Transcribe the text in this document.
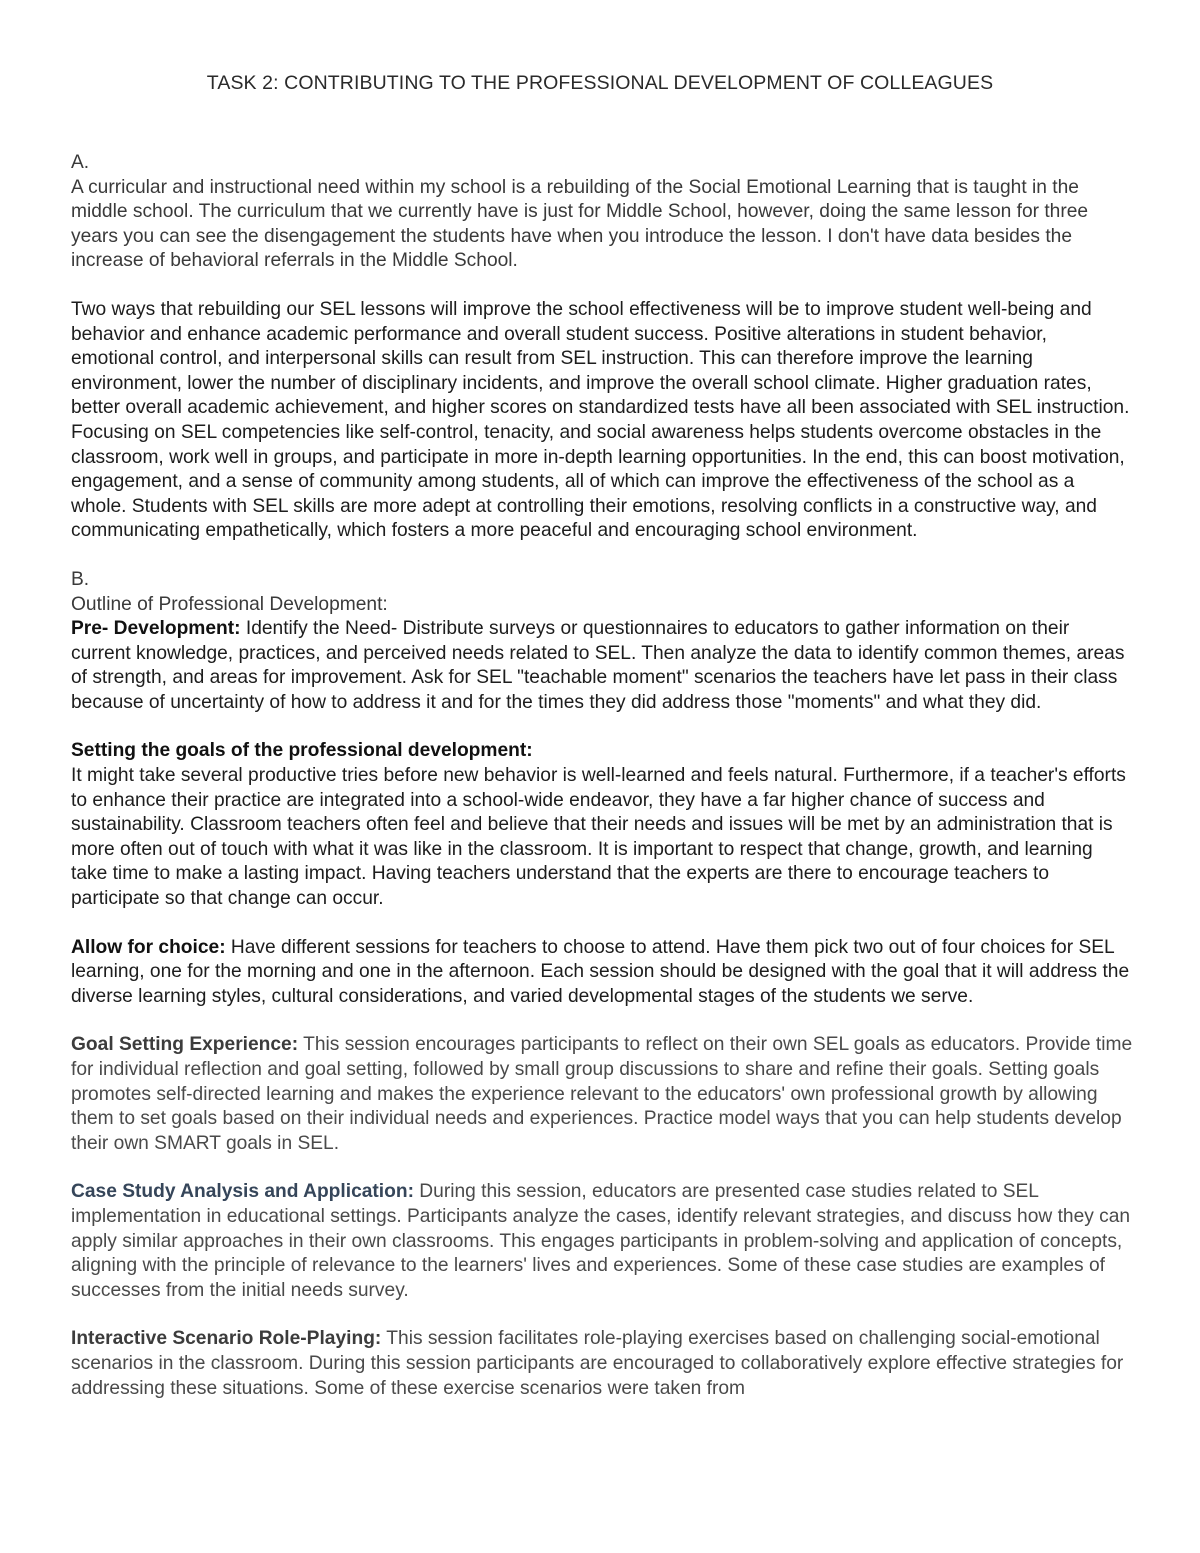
TASK 2: CONTRIBUTING TO THE PROFESSIONAL DEVELOPMENT OF COLLEAGUES

A.

A curricular and instructional need within my school is a rebuilding of the Social Emotional Learning that is taught in the middle school. The curriculum that we currently have is just for Middle School, however, doing the same lesson for three years you can see the disengagement the students have when you introduce the lesson. I don't have data besides the increase of behavioral referrals in the Middle School.

Two ways that rebuilding our SEL lessons will improve the school effectiveness will be to improve student well-being and behavior and enhance academic performance and overall student success. Positive alterations in student behavior, emotional control, and interpersonal skills can result from SEL instruction. This can therefore improve the learning environment, lower the number of disciplinary incidents, and improve the overall school climate. Higher graduation rates, better overall academic achievement, and higher scores on standardized tests have all been associated with SEL instruction. Focusing on SEL competencies like self-control, tenacity, and social awareness helps students overcome obstacles in the classroom, work well in groups, and participate in more in-depth learning opportunities. In the end, this can boost motivation, engagement, and a sense of community among students, all of which can improve the effectiveness of the school as a whole. Students with SEL skills are more adept at controlling their emotions, resolving conflicts in a constructive way, and communicating empathetically, which fosters a more peaceful and encouraging school environment.

B.

Outline of Professional Development:

Pre- Development: Identify the Need- Distribute surveys or questionnaires to educators to gather information on their current knowledge, practices, and perceived needs related to SEL. Then analyze the data to identify common themes, areas of strength, and areas for improvement. Ask for SEL "teachable moment" scenarios the teachers have let pass in their class because of uncertainty of how to address it and for the times they did address those "moments" and what they did.

Setting the goals of the professional development:

It might take several productive tries before new behavior is well-learned and feels natural. Furthermore, if a teacher's efforts to enhance their practice are integrated into a school-wide endeavor, they have a far higher chance of success and sustainability. Classroom teachers often feel and believe that their needs and issues will be met by an administration that is more often out of touch with what it was like in the classroom. It is important to respect that change, growth, and learning take time to make a lasting impact. Having teachers understand that the experts are there to encourage teachers to participate so that change can occur.

Allow for choice: Have different sessions for teachers to choose to attend. Have them pick two out of four choices for SEL learning, one for the morning and one in the afternoon. Each session should be designed with the goal that it will address the diverse learning styles, cultural considerations, and varied developmental stages of the students we serve.

Goal Setting Experience: This session encourages participants to reflect on their own SEL goals as educators. Provide time for individual reflection and goal setting, followed by small group discussions to share and refine their goals. Setting goals promotes self-directed learning and makes the experience relevant to the educators' own professional growth by allowing them to set goals based on their individual needs and experiences. Practice model ways that you can help students develop their own SMART goals in SEL.

Case Study Analysis and Application: During this session, educators are presented case studies related to SEL implementation in educational settings. Participants analyze the cases, identify relevant strategies, and discuss how they can apply similar approaches in their own classrooms. This engages participants in problem-solving and application of concepts, aligning with the principle of relevance to the learners' lives and experiences. Some of these case studies are examples of successes from the initial needs survey.

Interactive Scenario Role-Playing: This session facilitates role-playing exercises based on challenging social-emotional scenarios in the classroom. During this session participants are encouraged to collaboratively explore effective strategies for addressing these situations. Some of these exercise scenarios were taken from
